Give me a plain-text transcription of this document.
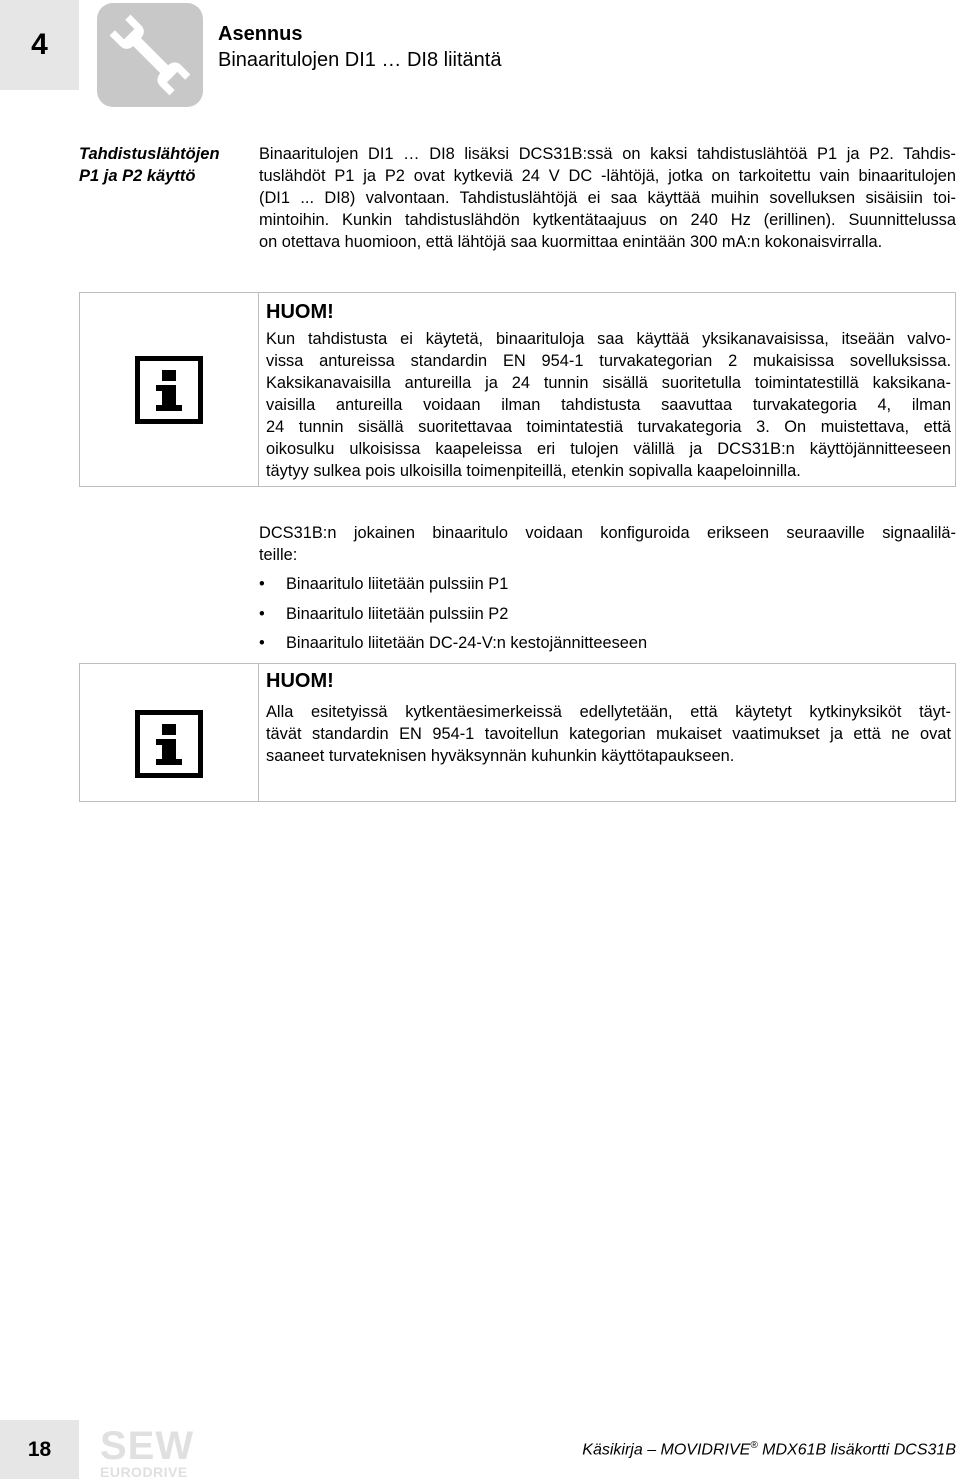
4	Asennus
Binaaritulojen DI1 … DI8 liitäntä
Tahdistuslähtöjen
P1 ja P2 käyttö
Binaaritulojen DI1 … DI8 lisäksi DCS31B:ssä on kaksi tahdistuslähtöä P1 ja P2. Tahdis-
tuslähdöt P1 ja P2 ovat kytkeviä 24 V DC -lähtöjä, jotka on tarkoitettu vain binaaritulojen
(DI1 ... DI8) valvontaan. Tahdistuslähtöjä ei saa käyttää muihin sovelluksen sisäisiin toi-
mintoihin. Kunkin tahdistuslähdön kytkentätaajuus on 240 Hz (erillinen). Suunnittelussa
on otettava huomioon, että lähtöjä saa kuormittaa enintään 300 mA:n kokonaisvirralla.
HUOM!
Kun tahdistusta ei käytetä, binaarituloja saa käyttää yksikanavaisissa, itseään valvo-
vissa antureissa standardin EN 954-1 turvakategorian 2 mukaisissa sovelluksissa.
Kaksikanavaisilla antureilla ja 24 tunnin sisällä suoritetulla toimintatestillä kaksikana-
vaisilla antureilla voidaan ilman tahdistusta saavuttaa turvakategoria 4, ilman
24 tunnin sisällä suoritettavaa toimintatestiä turvakategoria 3. On muistettava, että
oikosulku ulkoisissa kaapeleissa eri tulojen välillä ja DCS31B:n käyttöjännitteeseen
täytyy sulkea pois ulkoisilla toimenpiteillä, etenkin sopivalla kaapeloinnilla.
DCS31B:n jokainen binaaritulo voidaan konfiguroida erikseen seuraaville signaalilä-
teille:
• Binaaritulo liitetään pulssiin P1
• Binaaritulo liitetään pulssiin P2
• Binaaritulo liitetään DC-24-V:n kestojännitteeseen
HUOM!
Alla esitetyissä kytkentäesimerkeissä edellytetään, että käytetyt kytkinyksiköt täyt-
tävät standardin EN 954-1 tavoitellun kategorian mukaiset vaatimukset ja että ne ovat
saaneet turvateknisen hyväksynnän kuhunkin käyttötapaukseen.
18	SEW
EURODRIVE
Käsikirja – MOVIDRIVE® MDX61B lisäkortti DCS31B
